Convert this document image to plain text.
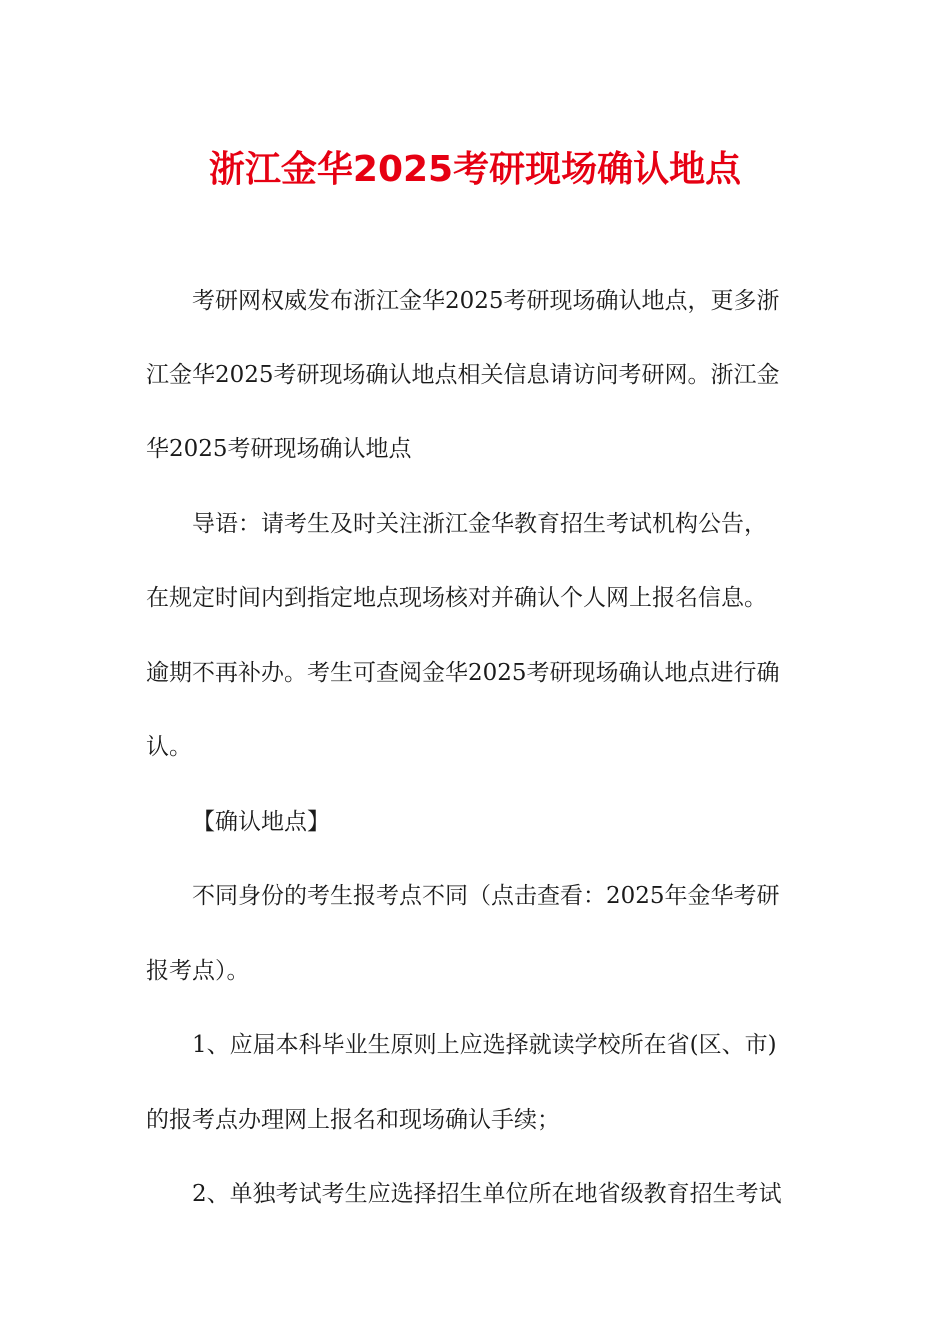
浙江金华2025考研现场确认地点

考研网权威发布浙江金华2025考研现场确认地点，更多浙

江金华2025考研现场确认地点相关信息请访问考研网。浙江金

华2025考研现场确认地点

导语：请考生及时关注浙江金华教育招生考试机构公告，

在规定时间内到指定地点现场核对并确认个人网上报名信息。

逾期不再补办。考生可查阅金华2025考研现场确认地点进行确

认。

【确认地点】

不同身份的考生报考点不同（点击查看：2025年金华考研

报考点）。

1、应届本科毕业生原则上应选择就读学校所在省(区、市)

的报考点办理网上报名和现场确认手续；

2、单独考试考生应选择招生单位所在地省级教育招生考试
